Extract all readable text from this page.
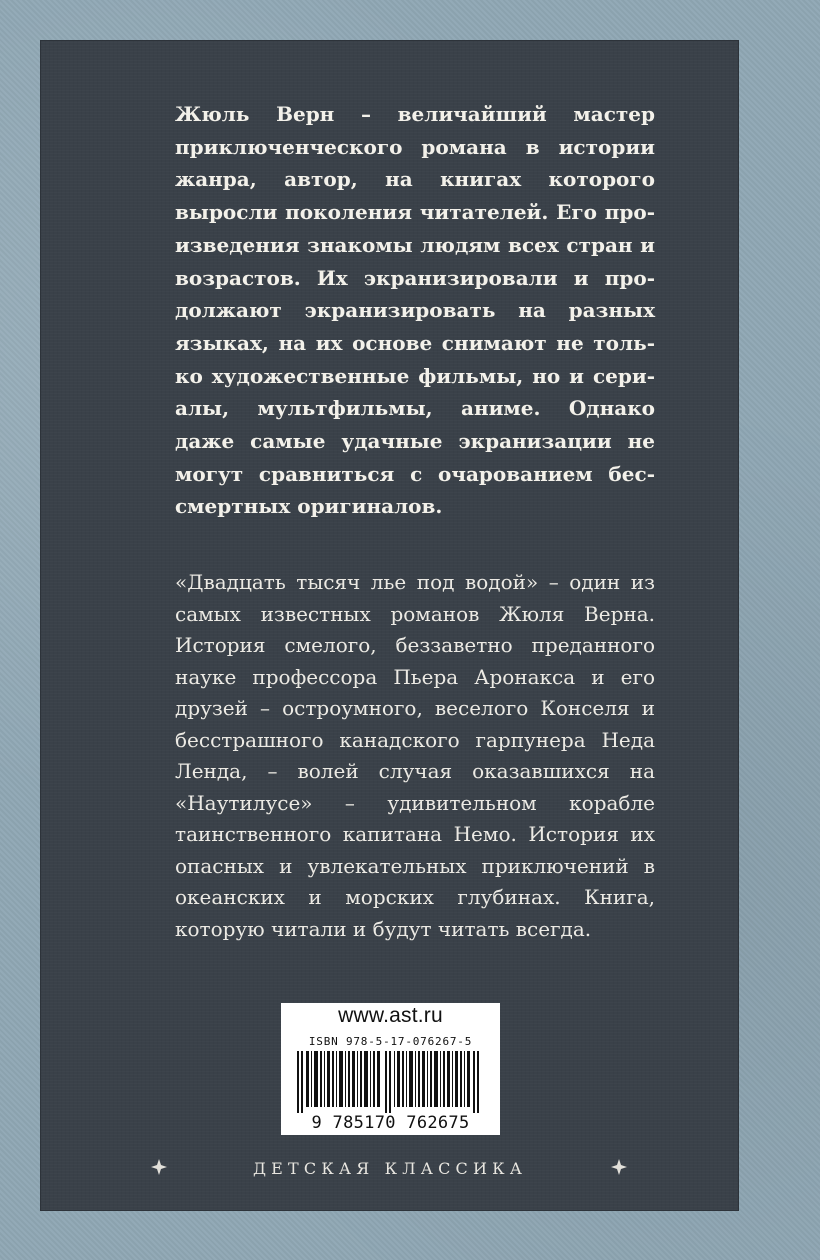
Жюль Верн – величайший мастер приключенческого романа в истории жанра, автор, на книгах которого выросли поколения читателей. Его произведения знакомы людям всех стран и возрастов. Их экранизировали и продолжают экранизировать на разных языках, на их основе снимают не только художественные фильмы, но и сериалы, мультфильмы, аниме. Однако даже самые удачные экранизации не могут сравниться с очарованием бессмертных оригиналов.

«Двадцать тысяч лье под водой» – один из самых известных романов Жюля Верна. История смелого, беззаветно преданного науке профессора Пьера Аронакса и его друзей – остроумного, веселого Конселя и бесстрашного канадского гарпунера Неда Ленда, – волей случая оказавшихся на «Наутилусе» – удивительном корабле таинственного капитана Немо. История их опасных и увлекательных приключений в океанских и морских глубинах. Книга, которую читали и будут читать всегда.

www.ast.ru
ISBN 978-5-17-076267-5
9 785170 762675
ДЕТСКАЯ КЛАССИКА
